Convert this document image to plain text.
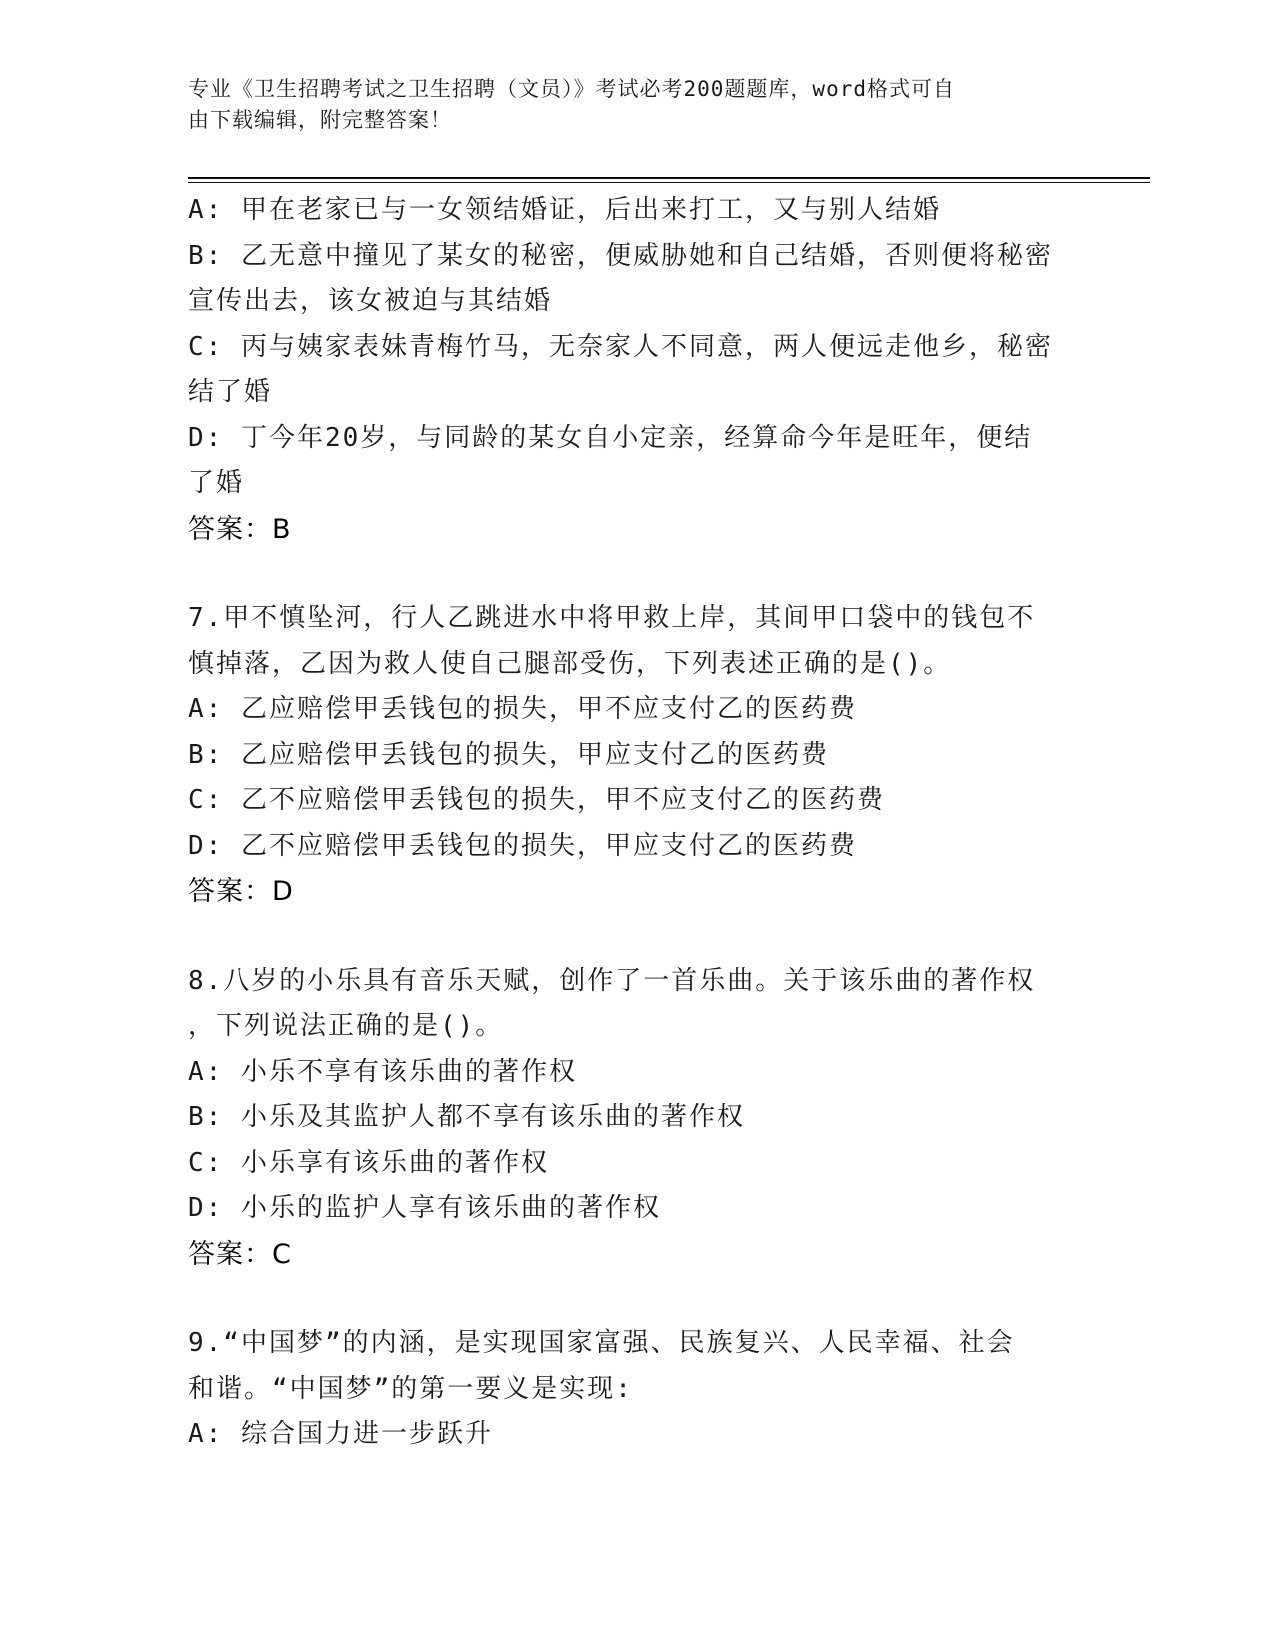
专业《卫生招聘考试之卫生招聘（文员）》考试必考200题题库，word格式可自
由下载编辑，附完整答案！
A: 甲在老家已与一女领结婚证，后出来打工，又与别人结婚
B: 乙无意中撞见了某女的秘密，便威胁她和自己结婚，否则便将秘密
宣传出去，该女被迫与其结婚
C: 丙与姨家表妹青梅竹马，无奈家人不同意，两人便远走他乡，秘密
结了婚
D: 丁今年20岁，与同龄的某女自小定亲，经算命今年是旺年，便结
了婚
答案：B
7.甲不慎坠河，行人乙跳进水中将甲救上岸，其间甲口袋中的钱包不
慎掉落，乙因为救人使自己腿部受伤，下列表述正确的是()。
A: 乙应赔偿甲丢钱包的损失，甲不应支付乙的医药费
B: 乙应赔偿甲丢钱包的损失，甲应支付乙的医药费
C: 乙不应赔偿甲丢钱包的损失，甲不应支付乙的医药费
D: 乙不应赔偿甲丢钱包的损失，甲应支付乙的医药费
答案：D
8.八岁的小乐具有音乐天赋，创作了一首乐曲。关于该乐曲的著作权
，下列说法正确的是()。
A: 小乐不享有该乐曲的著作权
B: 小乐及其监护人都不享有该乐曲的著作权
C: 小乐享有该乐曲的著作权
D: 小乐的监护人享有该乐曲的著作权
答案：C
9.“中国梦”的内涵，是实现国家富强、民族复兴、人民幸福、社会
和谐。“中国梦”的第一要义是实现:
A: 综合国力进一步跃升
